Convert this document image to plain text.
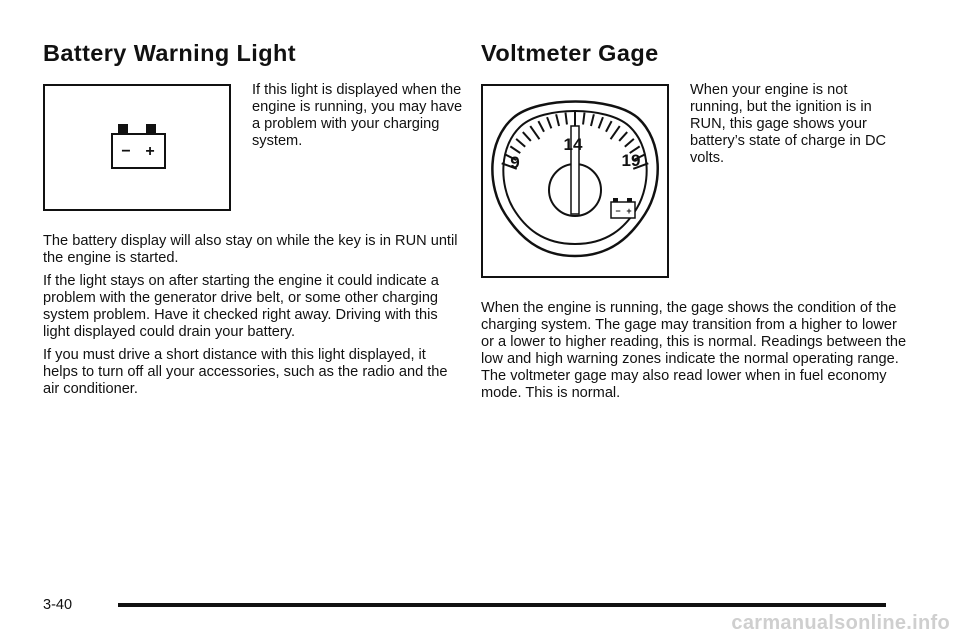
Battery Warning Light
− +
If this light is displayed when the engine is running, you may have a problem with your charging system.

The battery display will also stay on while the key is in RUN until the engine is started.

If the light stays on after starting the engine it could indicate a problem with the generator drive belt, or some other charging system problem. Have it checked right away. Driving with this light displayed could drain your battery.

If you must drive a short distance with this light displayed, it helps to turn off all your accessories, such as the radio and the air conditioner.

Voltmeter Gage
9
14
19
− +
When your engine is not running, but the ignition is in RUN, this gage shows your battery’s state of charge in DC volts.

When the engine is running, the gage shows the condition of the charging system. The gage may transition from a higher to lower or a lower to higher reading, this is normal. Readings between the low and high warning zones indicate the normal operating range. The voltmeter gage may also read lower when in fuel economy mode. This is normal.

3-40
carmanualsonline.info
